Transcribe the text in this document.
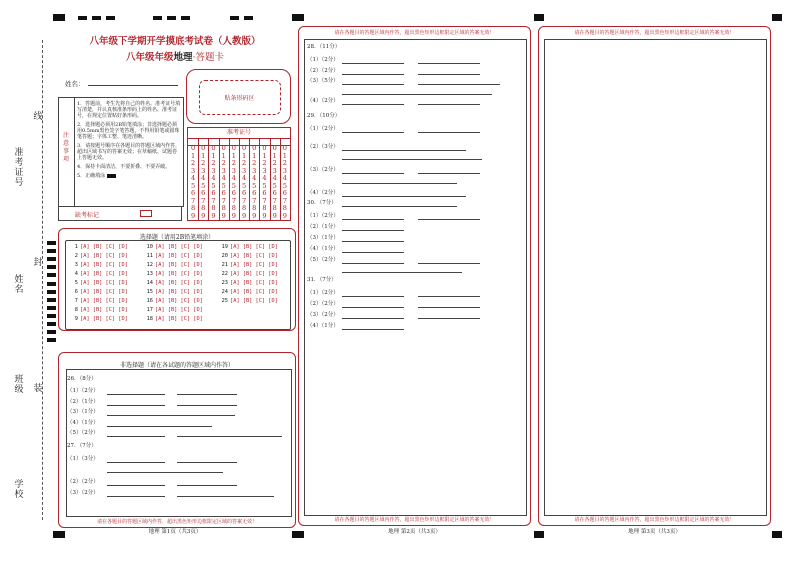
准考证号
线
姓名
封
班级 装
学校
八年级下学期开学摸底考试卷（人教版）
八年级年级地理·答题卡
姓名：
贴条形码区
注意事项
1．答题前，考生先将自己的姓名、准考证号填写清楚，并认真核准条形码上的姓名、准考证号，在规定位置贴好条形码。
2．选择题必须用2B铅笔填涂；非选择题必须用0.5mm黑色签字笔答题，不得用铅笔或圆珠笔答题；字体工整、笔迹清晰。
3．请按题号顺序在各题目的答题区域内作答，超出区域书写的答案无效；在草稿纸、试题卷上答题无效。
4．保持卡面清洁，不要折叠、不要弄破。
5．正确填涂
缺考标记
准考证号
0
1
2
3
4
5
6
7
8
9
0
1
2
3
4
5
6
7
8
9
0
1
2
3
4
5
6
7
8
9
0
1
2
3
4
5
6
7
8
9
0
1
2
3
4
5
6
7
8
9
0
1
2
3
4
5
6
7
8
9
0
1
2
3
4
5
6
7
8
9
0
1
2
3
4
5
6
7
8
9
0
1
2
3
4
5
6
7
8
9
0
1
2
3
4
5
6
7
8
9
选择题（请用2B铅笔填涂）
1 [A] [B] [C] [D]
2 [A] [B] [C] [D]
3 [A] [B] [C] [D]
4 [A] [B] [C] [D]
5 [A] [B] [C] [D]
6 [A] [B] [C] [D]
7 [A] [B] [C] [D]
8 [A] [B] [C] [D]
9 [A] [B] [C] [D]
10 [A] [B] [C] [D]
11 [A] [B] [C] [D]
12 [A] [B] [C] [D]
13 [A] [B] [C] [D]
14 [A] [B] [C] [D]
15 [A] [B] [C] [D]
16 [A] [B] [C] [D]
17 [A] [B] [C] [D]
18 [A] [B] [C] [D]
19 [A] [B] [C] [D]
20 [A] [B] [C] [D]
21 [A] [B] [C] [D]
22 [A] [B] [C] [D]
23 [A] [B] [C] [D]
24 [A] [B] [C] [D]
25 [A] [B] [C] [D]
非选择题（请在各试题的答题区域内作答）
请在各题目的答题区域内作答，超出黑色矩形边框限定区域的答案无效！
26．（8分）
（1）（2分）
（2）（1分）
（3）（1分）
（4）（1分）
（5）（2分）
27．（7分）
（1）（3分）
（2）（2分）
（3）（2分）
地理 第1页（共3页）
请在各题目的答题区域内作答，超出黑色矩形边框限定区域的答案无效！
请在各题目的答题区域内作答，超出黑色矩形边框限定区域的答案无效！
28．（11分）
（1）（2分）
（2）（2分）
（3）（5分）
（4）（2分）
29．（10分）
（1）（2分）
（2）（3分）
（3）（2分）
（4）（2分）
30．（7分）
（1）（2分）
（2）（1分）
（3）（1分）
（4）（1分）
（5）（2分）
31．（7分）
（1）（2分）
（2）（2分）
（3）（2分）
（4）（1分）
地理 第2页（共3页）
请在各题目的答题区域内作答，超出黑色矩形边框限定区域的答案无效！
请在各题目的答题区域内作答，超出黑色矩形边框限定区域的答案无效！
地理 第3页（共3页）
